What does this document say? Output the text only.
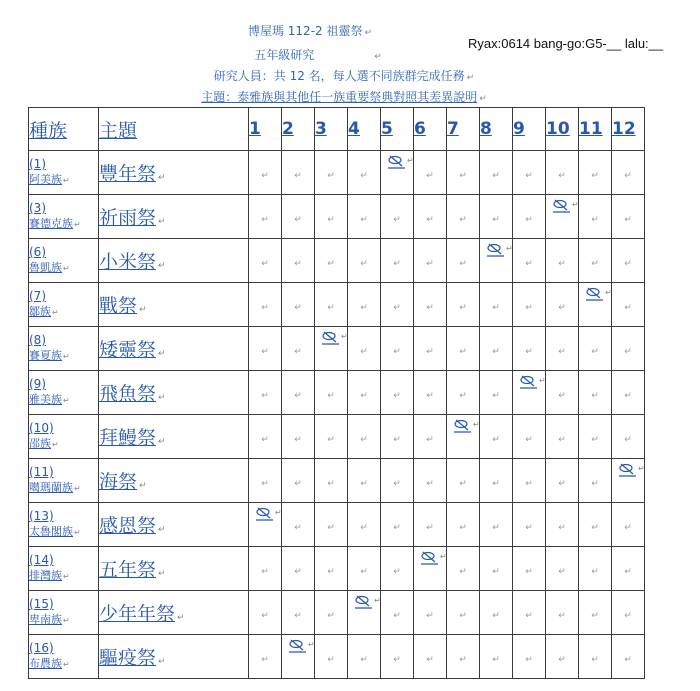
博屋瑪 112-2 祖靈祭 ↵
五年級研究	↵
研究人員：共 12 名，每人選不同族群完成任務 ↵
主題：泰雅族與其他任一族重要祭典對照其差異說明 ↵
Ryax:0614 bang-go:G5-__ lalu:__
種族	主題	1	2	3	4	5	6	7	8	9	10	11	12

(1)
阿美族↵	豐年祭 ↵	↵	↵	↵	↵	↵	↵	↵	↵	↵	↵	↵	↵

(3)
賽德克族↵	祈雨祭 ↵	↵	↵	↵	↵	↵	↵	↵	↵	↵	↵	↵	↵

(6)
魯凱族↵	小米祭 ↵	↵	↵	↵	↵	↵	↵	↵	↵	↵	↵	↵	↵

(7)
鄒族↵	戰祭 ↵	↵	↵	↵	↵	↵	↵	↵	↵	↵	↵	↵	↵

(8)
賽夏族↵	矮靈祭 ↵	↵	↵	↵	↵	↵	↵	↵	↵	↵	↵	↵	↵

(9)
雅美族↵	飛魚祭 ↵	↵	↵	↵	↵	↵	↵	↵	↵	↵	↵	↵	↵

(10)
邵族↵	拜鰻祭 ↵	↵	↵	↵	↵	↵	↵	↵	↵	↵	↵	↵	↵

(11)
噶瑪蘭族↵	海祭 ↵	↵	↵	↵	↵	↵	↵	↵	↵	↵	↵	↵	↵

(13)
太魯閣族↵	感恩祭 ↵	↵	↵	↵	↵	↵	↵	↵	↵	↵	↵	↵	↵

(14)
排灣族↵	五年祭 ↵	↵	↵	↵	↵	↵	↵	↵	↵	↵	↵	↵	↵

(15)
卑南族↵	少年年祭 ↵	↵	↵	↵	↵	↵	↵	↵	↵	↵	↵	↵	↵

(16)
布農族↵	驅疫祭 ↵	↵	↵	↵	↵	↵	↵	↵	↵	↵	↵	↵	↵
